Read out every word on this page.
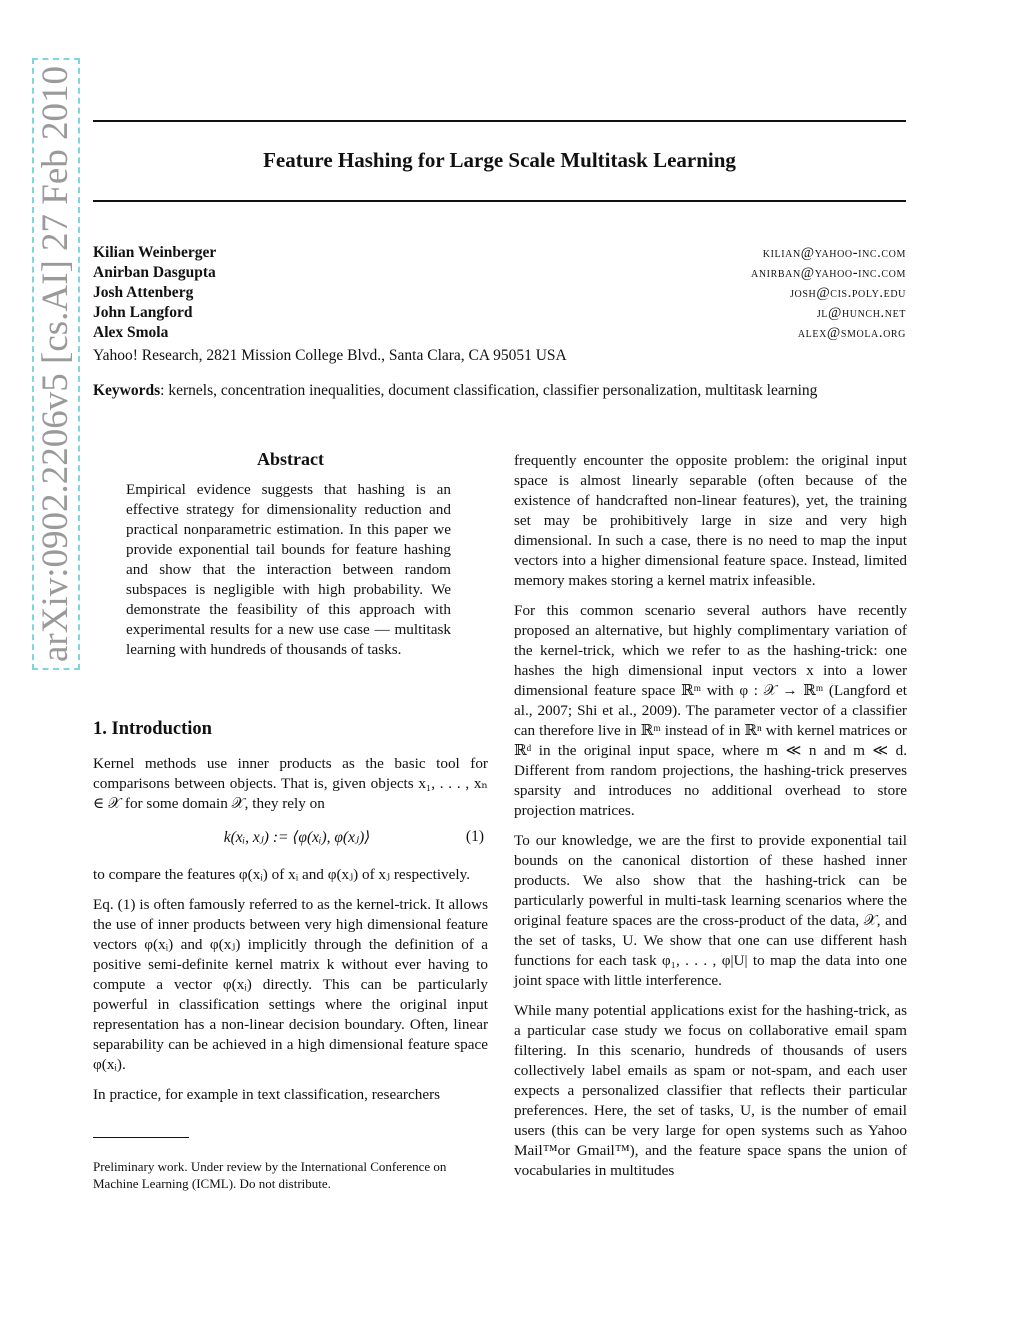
arXiv:0902.2206v5 [cs.AI] 27 Feb 2010	Feature Hashing for Large Scale Multitask Learning
Kilian Weinberger	kilian@yahoo-inc.com
Anirban Dasgupta	anirban@yahoo-inc.com
Josh Attenberg	josh@cis.poly.edu
John Langford	jl@hunch.net
Alex Smola	alex@smola.org
Yahoo! Research, 2821 Mission College Blvd., Santa Clara, CA 95051 USA
Keywords: kernels, concentration inequalities, document classification, classifier personalization, multitask learning
Abstract
Empirical evidence suggests that hashing is an effective strategy for dimensionality reduction and practical nonparametric estimation. In this paper we provide exponential tail bounds for feature hashing and show that the interaction between random subspaces is negligible with high probability. We demonstrate the feasibility of this approach with experimental results for a new use case — multitask learning with hundreds of thousands of tasks.
1. Introduction
Kernel methods use inner products as the basic tool for comparisons between objects. That is, given objects x₁, . . . , xₙ ∈ 𝒳 for some domain 𝒳, they rely on
k(xᵢ, xⱼ) := ⟨φ(xᵢ), φ(xⱼ)⟩	(1)

to compare the features φ(xᵢ) of xᵢ and φ(xⱼ) of xⱼ respectively.

Eq. (1) is often famously referred to as the kernel-trick. It allows the use of inner products between very high dimensional feature vectors φ(xᵢ) and φ(xⱼ) implicitly through the definition of a positive semi-definite kernel matrix k without ever having to compute a vector φ(xᵢ) directly. This can be particularly powerful in classification settings where the original input representation has a non-linear decision boundary. Often, linear separability can be achieved in a high dimensional feature space φ(xᵢ).

In practice, for example in text classification, researchers

Preliminary work. Under review by the International Conference on Machine Learning (ICML). Do not distribute.

frequently encounter the opposite problem: the original input space is almost linearly separable (often because of the existence of handcrafted non-linear features), yet, the training set may be prohibitively large in size and very high dimensional. In such a case, there is no need to map the input vectors into a higher dimensional feature space. Instead, limited memory makes storing a kernel matrix infeasible.

For this common scenario several authors have recently proposed an alternative, but highly complimentary variation of the kernel-trick, which we refer to as the hashing-trick: one hashes the high dimensional input vectors x into a lower dimensional feature space ℝᵐ with φ : 𝒳 → ℝᵐ (Langford et al., 2007; Shi et al., 2009). The parameter vector of a classifier can therefore live in ℝᵐ instead of in ℝⁿ with kernel matrices or ℝᵈ in the original input space, where m ≪ n and m ≪ d. Different from random projections, the hashing-trick preserves sparsity and introduces no additional overhead to store projection matrices.

To our knowledge, we are the first to provide exponential tail bounds on the canonical distortion of these hashed inner products. We also show that the hashing-trick can be particularly powerful in multi-task learning scenarios where the original feature spaces are the cross-product of the data, 𝒳, and the set of tasks, U. We show that one can use different hash functions for each task φ₁, . . . , φ|U| to map the data into one joint space with little interference.

While many potential applications exist for the hashing-trick, as a particular case study we focus on collaborative email spam filtering. In this scenario, hundreds of thousands of users collectively label emails as spam or not-spam, and each user expects a personalized classifier that reflects their particular preferences. Here, the set of tasks, U, is the number of email users (this can be very large for open systems such as Yahoo Mail™or Gmail™), and the feature space spans the union of vocabularies in multitudes
